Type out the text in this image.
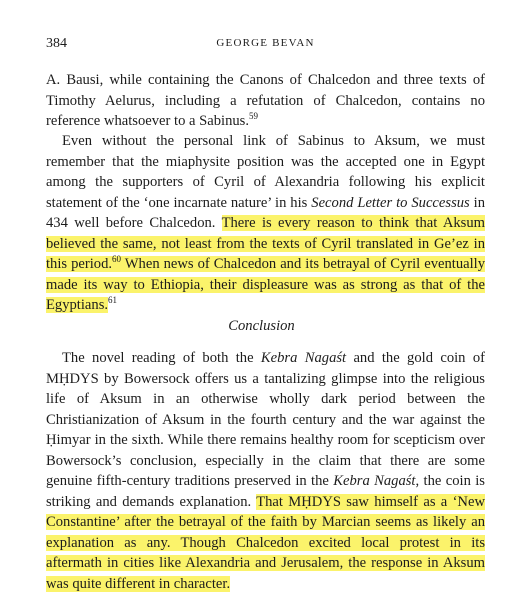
384	GEORGE BEVAN

A. Bausi, while containing the Canons of Chalcedon and three texts of Timothy Aelurus, including a refutation of Chalcedon, contains no reference whatsoever to a Sabinus.$^{59}$

Even without the personal link of Sabinus to Aksum, we must remember that the miaphysite position was the accepted one in Egypt among the supporters of Cyril of Alexandria following his explicit statement of the ‘one incarnate nature’ in his Second Letter to Successus in 434 well before Chalcedon. There is every reason to think that Aksum believed the same, not least from the texts of Cyril translated in Ge’ez in this period.$^{60}$ When news of Chalcedon and its betrayal of Cyril eventually made its way to Ethiopia, their displeasure was as strong as that of the Egyptians.$^{61}$

Conclusion

The novel reading of both the Kebra Nagaśt and the gold coin of MḤDYS by Bowersock offers us a tantalizing glimpse into the religious life of Aksum in an otherwise wholly dark period between the Christianization of Aksum in the fourth century and the war against the Ḥimyar in the sixth. While there remains healthy room for scepticism over Bowersock’s conclusion, especially in the claim that there are some genuine fifth-century traditions preserved in the Kebra Nagaśt, the coin is striking and demands explanation. That MḤDYS saw himself as a ‘New Constantine’ after the betrayal of the faith by Marcian seems as likely an explanation as any. Though Chalcedon excited local protest in its aftermath in cities like Alexandria and Jerusalem, the response in Aksum was quite different in character.
